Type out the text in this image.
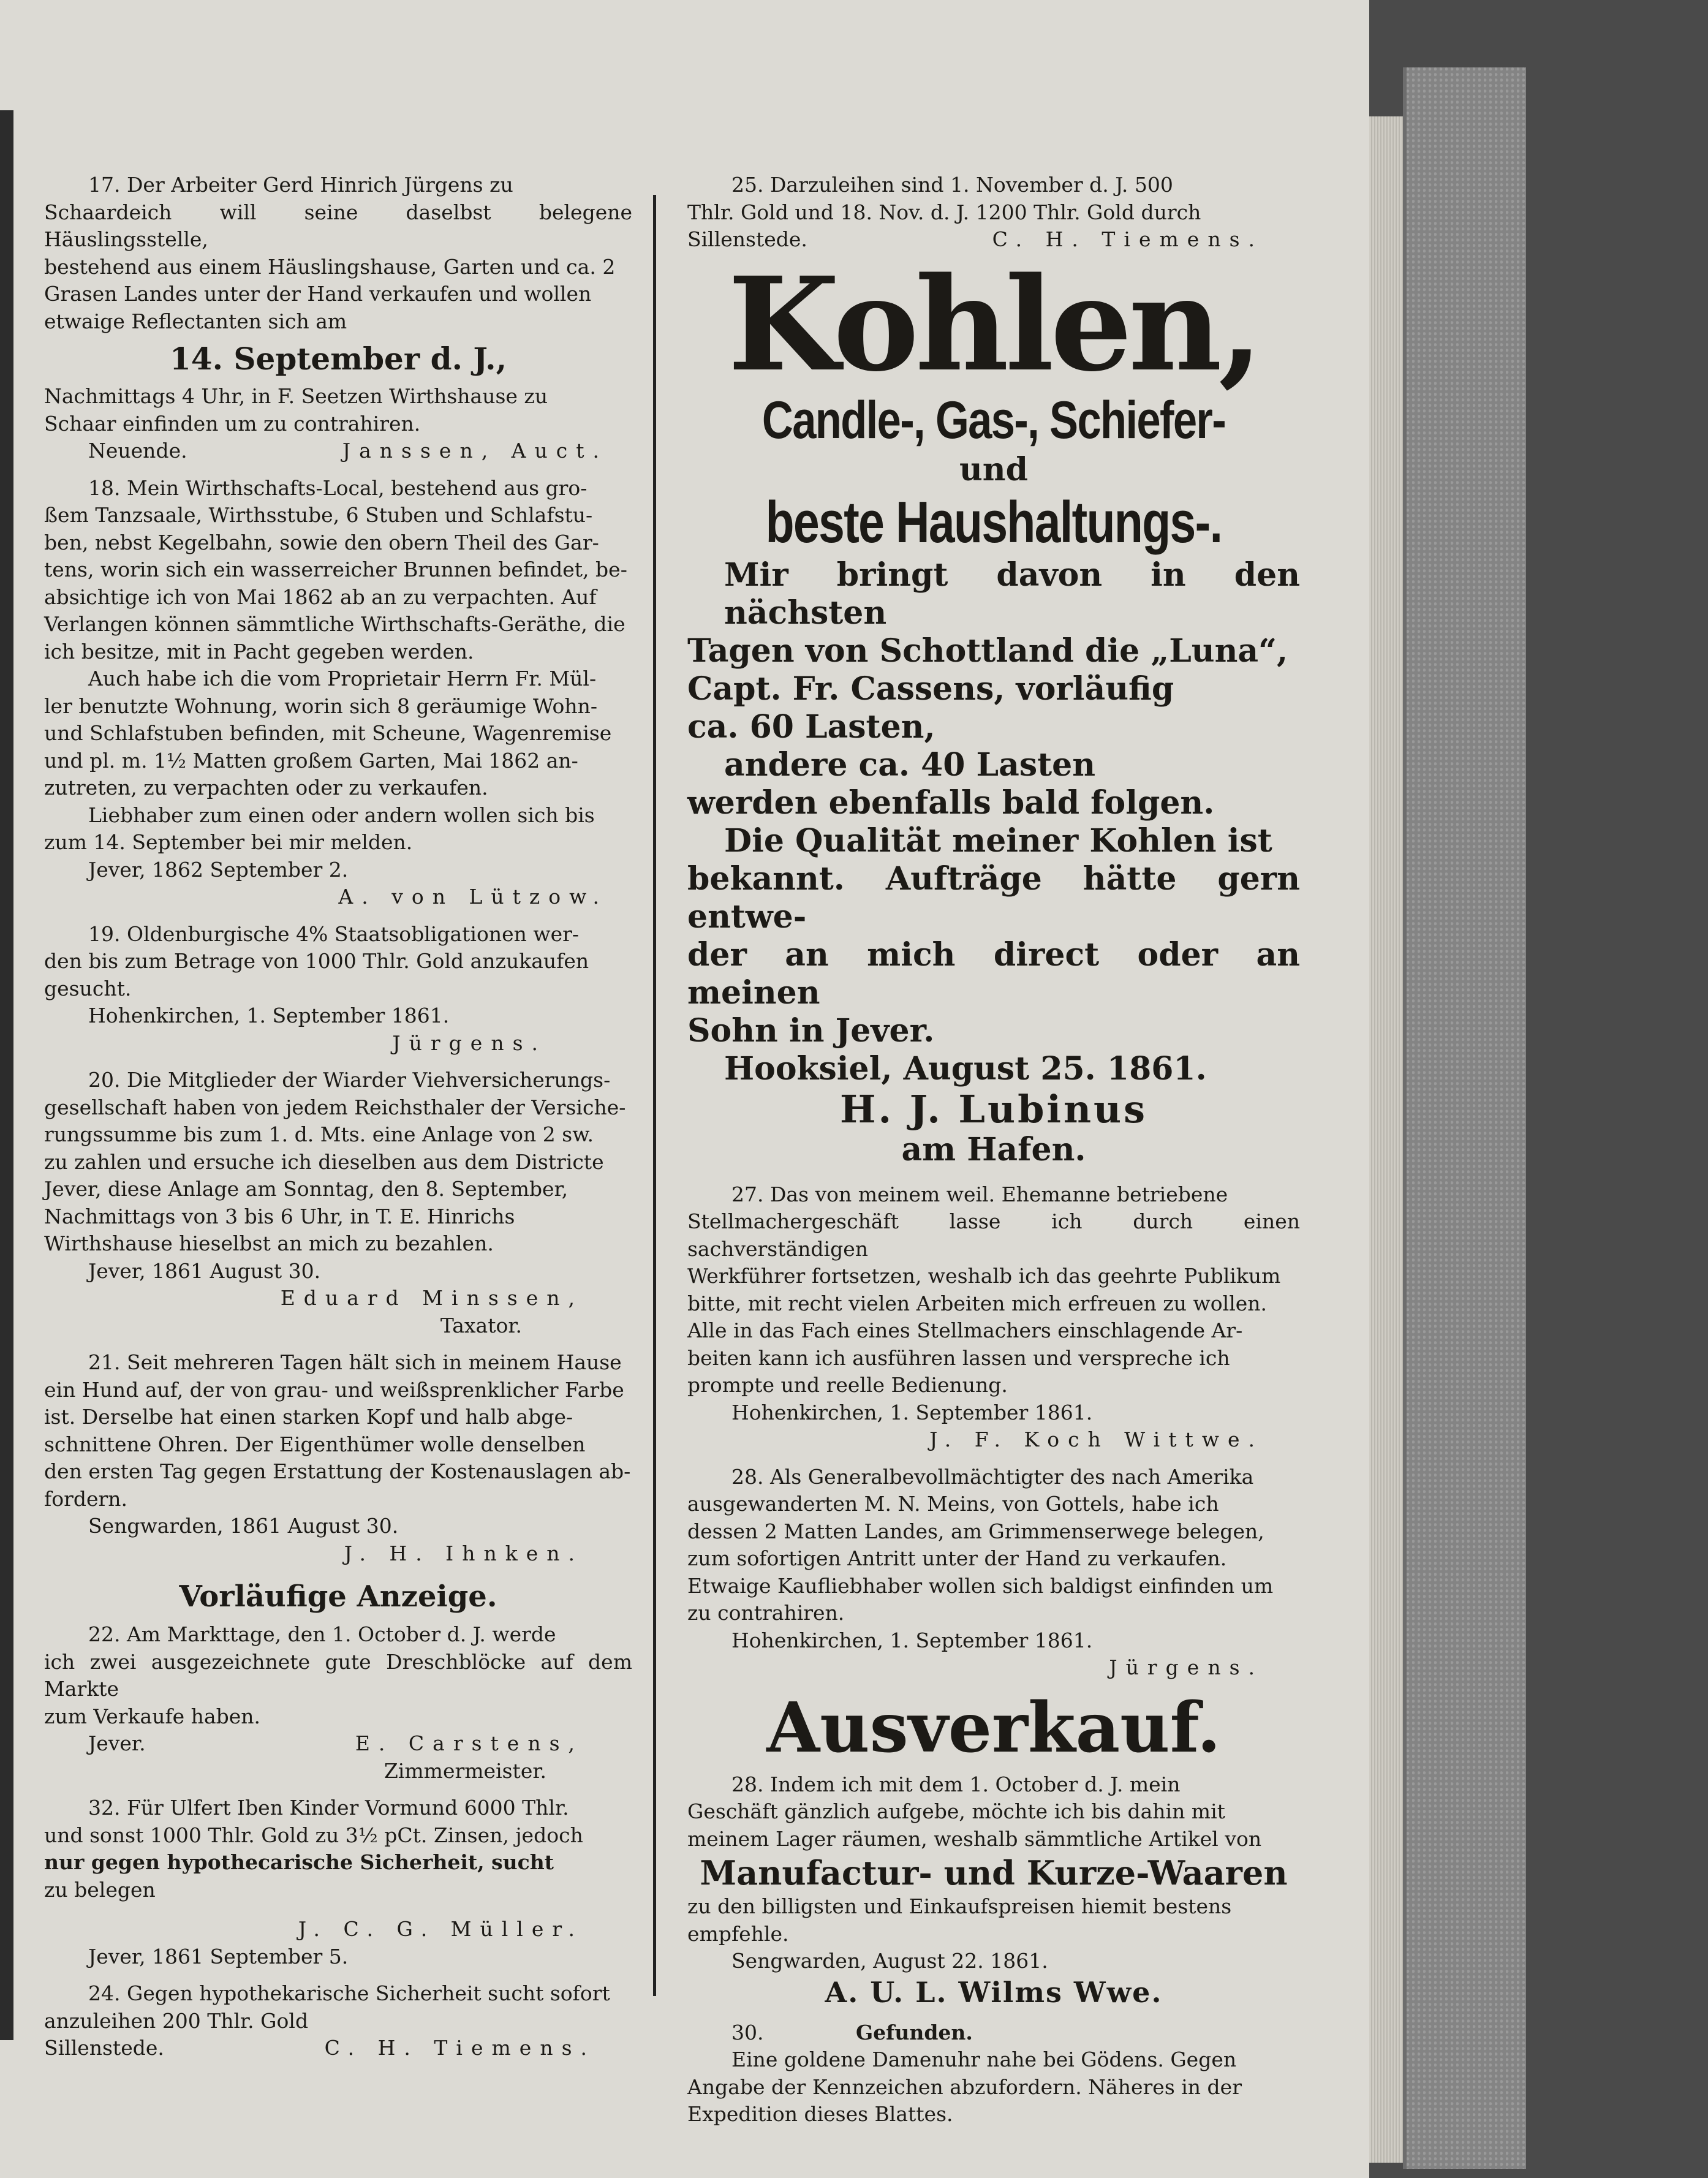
17. Der Arbeiter Gerd Hinrich Jürgens zu
Schaardeich will seine daselbst belegene Häuslingsstelle,
bestehend aus einem Häuslingshause, Garten und ca. 2
Grasen Landes unter der Hand verkaufen und wollen
etwaige Reflectanten sich am
14. September d. J.,
Nachmittags 4 Uhr, in F. Seetzen Wirthshause zu
Schaar einfinden um zu contrahiren.
Neuende.	Janssen, Auct.
18. Mein Wirthschafts-Local, bestehend aus gro-
ßem Tanzsaale, Wirthsstube, 6 Stuben und Schlafstu-
ben, nebst Kegelbahn, sowie den obern Theil des Gar-
tens, worin sich ein wasserreicher Brunnen befindet, be-
absichtige ich von Mai 1862 ab an zu verpachten. Auf
Verlangen können sämmtliche Wirthschafts-Geräthe, die
ich besitze, mit in Pacht gegeben werden.
Auch habe ich die vom Proprietair Herrn Fr. Mül-
ler benutzte Wohnung, worin sich 8 geräumige Wohn-
und Schlafstuben befinden, mit Scheune, Wagenremise
und pl. m. 1½ Matten großem Garten, Mai 1862 an-
zutreten, zu verpachten oder zu verkaufen.
Liebhaber zum einen oder andern wollen sich bis
zum 14. September bei mir melden.
Jever, 1862 September 2.
A. von Lützow.
19. Oldenburgische 4% Staatsobligationen wer-
den bis zum Betrage von 1000 Thlr. Gold anzukaufen
gesucht.
Hohenkirchen, 1. September 1861.
Jürgens.
20. Die Mitglieder der Wiarder Viehversicherungs-
gesellschaft haben von jedem Reichsthaler der Versiche-
rungssumme bis zum 1. d. Mts. eine Anlage von 2 sw.
zu zahlen und ersuche ich dieselben aus dem Districte
Jever, diese Anlage am Sonntag, den 8. September,
Nachmittags von 3 bis 6 Uhr, in T. E. Hinrichs
Wirthshause hieselbst an mich zu bezahlen.
Jever, 1861 August 30.
Eduard Minssen,
Taxator.
21. Seit mehreren Tagen hält sich in meinem Hause
ein Hund auf, der von grau- und weißsprenklicher Farbe
ist. Derselbe hat einen starken Kopf und halb abge-
schnittene Ohren. Der Eigenthümer wolle denselben
den ersten Tag gegen Erstattung der Kostenauslagen ab-
fordern.
Sengwarden, 1861 August 30.
J. H. Ihnken.
Vorläufige Anzeige.
22. Am Markttage, den 1. October d. J. werde
ich zwei ausgezeichnete gute Dreschblöcke auf dem Markte
zum Verkaufe haben.
Jever.	E. Carstens,
Zimmermeister.
32. Für Ulfert Iben Kinder Vormund 6000 Thlr.
und sonst 1000 Thlr. Gold zu 3½ pCt. Zinsen, jedoch
nur gegen hypothecarische Sicherheit, sucht
zu belegen
J. C. G. Müller.
Jever, 1861 September 5.
24. Gegen hypothekarische Sicherheit sucht sofort
anzuleihen 200 Thlr. Gold
Sillenstede.	C. H. Tiemens.
25. Darzuleihen sind 1. November d. J. 500
Thlr. Gold und 18. Nov. d. J. 1200 Thlr. Gold durch
Sillenstede.	C. H. Tiemens.
Kohlen,
Candle-, Gas-, Schiefer-
und
beste Haushaltungs-.
Mir bringt davon in den nächsten
Tagen von Schottland die „Luna“,
Capt. Fr. Cassens, vorläufig
ca. 60 Lasten,
andere ca. 40 Lasten
werden ebenfalls bald folgen.
Die Qualität meiner Kohlen ist
bekannt. Aufträge hätte gern entwe-
der an mich direct oder an meinen
Sohn in Jever.
Hooksiel, August 25. 1861.
H. J. Lubinus
am Hafen.
27. Das von meinem weil. Ehemanne betriebene
Stellmachergeschäft lasse ich durch einen sachverständigen
Werkführer fortsetzen, weshalb ich das geehrte Publikum
bitte, mit recht vielen Arbeiten mich erfreuen zu wollen.
Alle in das Fach eines Stellmachers einschlagende Ar-
beiten kann ich ausführen lassen und verspreche ich
prompte und reelle Bedienung.
Hohenkirchen, 1. September 1861.
J. F. Koch Wittwe.
28. Als Generalbevollmächtigter des nach Amerika
ausgewanderten M. N. Meins, von Gottels, habe ich
dessen 2 Matten Landes, am Grimmenserwege belegen,
zum sofortigen Antritt unter der Hand zu verkaufen.
Etwaige Kaufliebhaber wollen sich baldigst einfinden um
zu contrahiren.
Hohenkirchen, 1. September 1861.
Jürgens.
Ausverkauf.
28. Indem ich mit dem 1. October d. J. mein
Geschäft gänzlich aufgebe, möchte ich bis dahin mit
meinem Lager räumen, weshalb sämmtliche Artikel von
Manufactur- und Kurze-Waaren
zu den billigsten und Einkaufspreisen hiemit bestens
empfehle.
Sengwarden, August 22. 1861.
A. U. L. Wilms Wwe.
30.	Gefunden.
Eine goldene Damenuhr nahe bei Gödens. Gegen
Angabe der Kennzeichen abzufordern. Näheres in der
Expedition dieses Blattes.
